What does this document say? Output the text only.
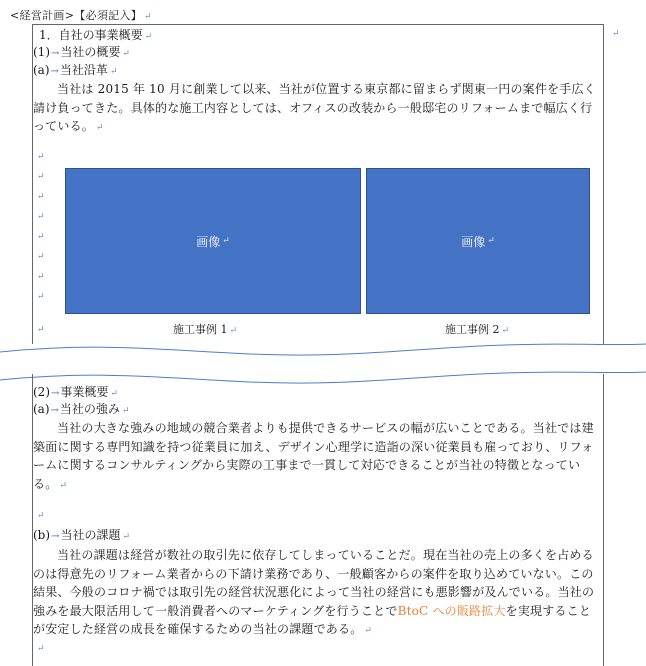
<経営計画>【必須記入】 ↵
↵
1．自社の事業概要 ↵
(1)→当社の概要 ↵
(a)→当社沿革 ↵
当社は 2015 年 10 月に創業して以来、当社が位置する東京都に留まらず関東一円の案件を手広く請け負ってきた。具体的な施工内容としては、オフィスの改装から一般邸宅のリフォームまで幅広く行っている。 ↵
↵
↵
↵
↵
↵
↵
↵
↵
↵
画像 ↵	画像 ↵
施工事例 1 ↵	施工事例 2 ↵
(2)→事業概要 ↵
(a)→当社の強み ↵
当社の大きな強みの地域の競合業者よりも提供できるサービスの幅が広いことである。当社では建築面に関する専門知識を持つ従業員に加え、デザイン心理学に造詣の深い従業員も雇っており、リフォームに関するコンサルティングから実際の工事まで一貫して対応できることが当社の特徴となっている。 ↵
↵
(b)→当社の課題 ↵
当社の課題は経営が数社の取引先に依存してしまっていることだ。現在当社の売上の多くを占めるのは得意先のリフォーム業者からの下請け業務であり、一般顧客からの案件を取り込めていない。この結果、今般のコロナ禍では取引先の経営状況悪化によって当社の経営にも悪影響が及んでいる。当社の強みを最大限活用して一般消費者へのマーケティングを行うことでBtoC への販路拡大を実現することが安定した経営の成長を確保するための当社の課題である。 ↵
↵
